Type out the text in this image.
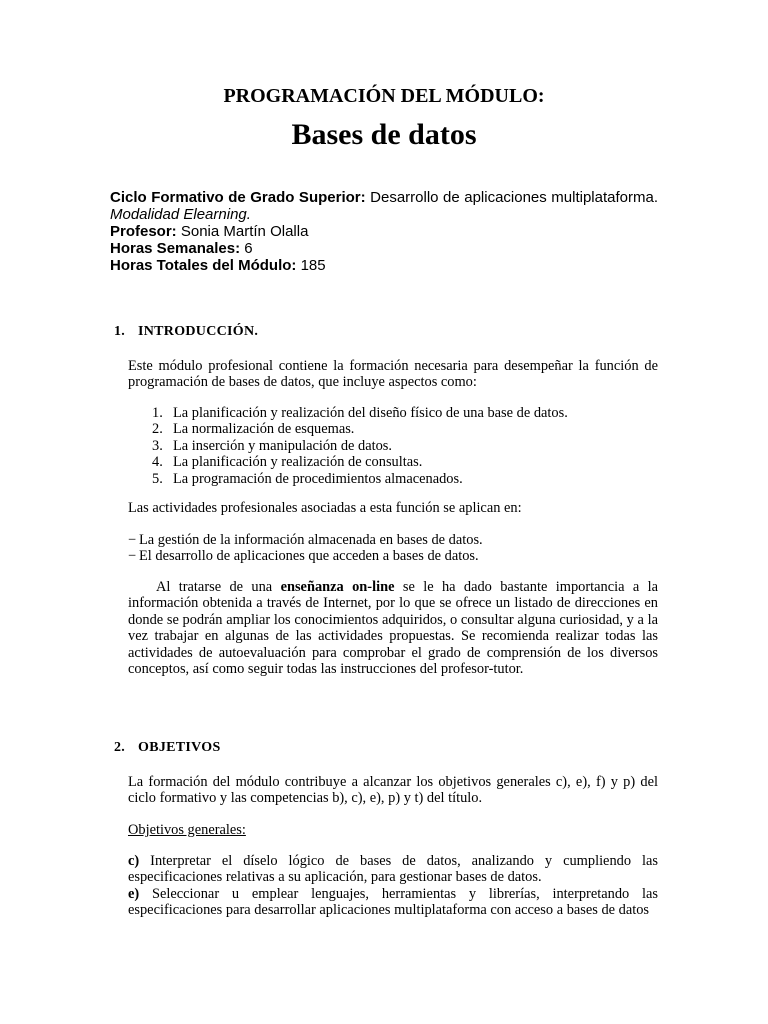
PROGRAMACIÓN DEL MÓDULO:

Bases de datos

Ciclo Formativo de Grado Superior: Desarrollo de aplicaciones multiplataforma. Modalidad Elearning.

Profesor: Sonia Martín Olalla

Horas Semanales: 6

Horas Totales del Módulo: 185

1. INTRODUCCIÓN.
Este módulo profesional contiene la formación necesaria para desempeñar la función de programación de bases de datos, que incluye aspectos como:
1. La planificación y realización del diseño físico de una base de datos.
2. La normalización de esquemas.
3. La inserción y manipulación de datos.
4. La planificación y realización de consultas.
5. La programación de procedimientos almacenados.
Las actividades profesionales asociadas a esta función se aplican en:

− La gestión de la información almacenada en bases de datos.

− El desarrollo de aplicaciones que acceden a bases de datos.

Al tratarse de una enseñanza on-line se le ha dado bastante importancia a la información obtenida a través de Internet, por lo que se ofrece un listado de direcciones en donde se podrán ampliar los conocimientos adquiridos, o consultar alguna curiosidad, y a la vez trabajar en algunas de las actividades propuestas. Se recomienda realizar todas las actividades de autoevaluación para comprobar el grado de comprensión de los diversos conceptos, así como seguir todas las instrucciones del profesor-tutor.
2. OBJETIVOS
La formación del módulo contribuye a alcanzar los objetivos generales c), e), f) y p) del ciclo formativo y las competencias b), c), e), p) y t) del título.
Objetivos generales:

c) Interpretar el díselo lógico de bases de datos, analizando y cumpliendo las especificaciones relativas a su aplicación, para gestionar bases de datos.

e) Seleccionar u emplear lenguajes, herramientas y librerías, interpretando las especificaciones para desarrollar aplicaciones multiplataforma con acceso a bases de datos
